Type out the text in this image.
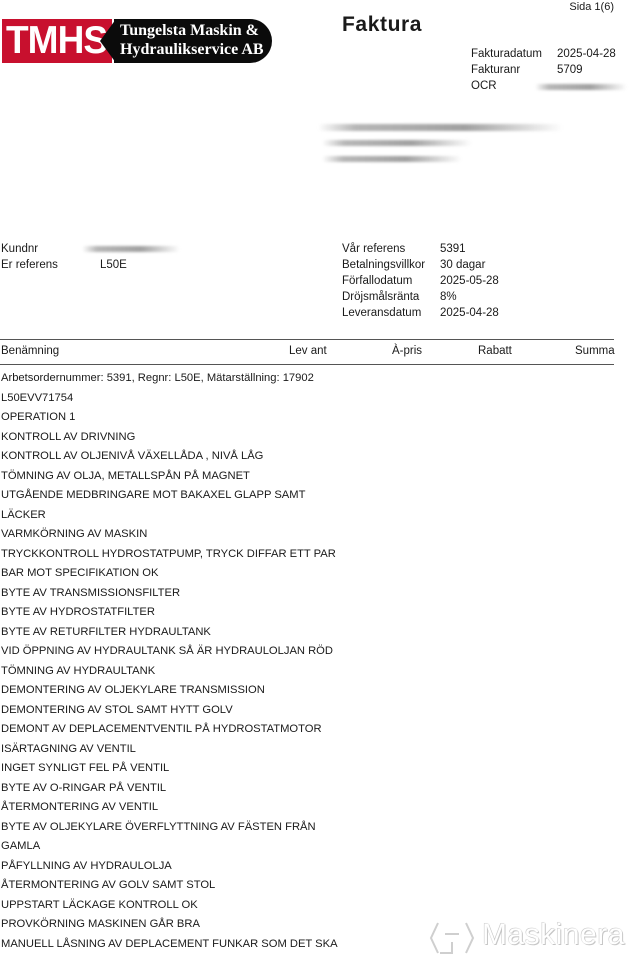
TMHS Tungelsta Maskin &
Hydraulikservice AB
Sida 1(6)
Faktura
Fakturadatum 2025-04-28
Fakturanr	5709
OCR
Kundnr
Er referens	L50E
Vår referens	5391
Betalningsvillkor 30 dagar
Förfallodatum 2025-05-28
Dröjsmålsränta 8%
Leveransdatum 2025-04-28
Benämning	Lev ant	À-pris	Rabatt	Summa
Arbetsordernummer: 5391, Regnr: L50E, Mätarställning: 17902
L50EVV71754
OPERATION 1
KONTROLL AV DRIVNING
KONTROLL AV OLJENIVÅ VÄXELLÅDA , NIVÅ LÅG
TÖMNING AV OLJA, METALLSPÅN PÅ MAGNET
UTGÅENDE MEDBRINGARE MOT BAKAXEL GLAPP SAMT
LÄCKER
VARMKÖRNING AV MASKIN
TRYCKKONTROLL HYDROSTATPUMP, TRYCK DIFFAR ETT PAR
BAR MOT SPECIFIKATION OK
BYTE AV TRANSMISSIONSFILTER
BYTE AV HYDROSTATFILTER
BYTE AV RETURFILTER HYDRAULTANK
VID ÖPPNING AV HYDRAULTANK SÅ ÄR HYDRAULOLJAN RÖD
TÖMNING AV HYDRAULTANK
DEMONTERING AV OLJEKYLARE TRANSMISSION
DEMONTERING AV STOL SAMT HYTT GOLV
DEMONT AV DEPLACEMENTVENTIL PÅ HYDROSTATMOTOR
ISÄRTAGNING AV VENTIL
INGET SYNLIGT FEL PÅ VENTIL
BYTE AV O-RINGAR PÅ VENTIL
ÅTERMONTERING AV VENTIL
BYTE AV OLJEKYLARE ÖVERFLYTTNING AV FÄSTEN FRÅN
GAMLA
PÅFYLLNING AV HYDRAULOLJA
ÅTERMONTERING AV GOLV SAMT STOL
UPPSTART LÄCKAGE KONTROLL OK
PROVKÖRNING MASKINEN GÅR BRA
MANUELL LÅSNING AV DEPLACEMENT FUNKAR SOM DET SKA	Maskinera
